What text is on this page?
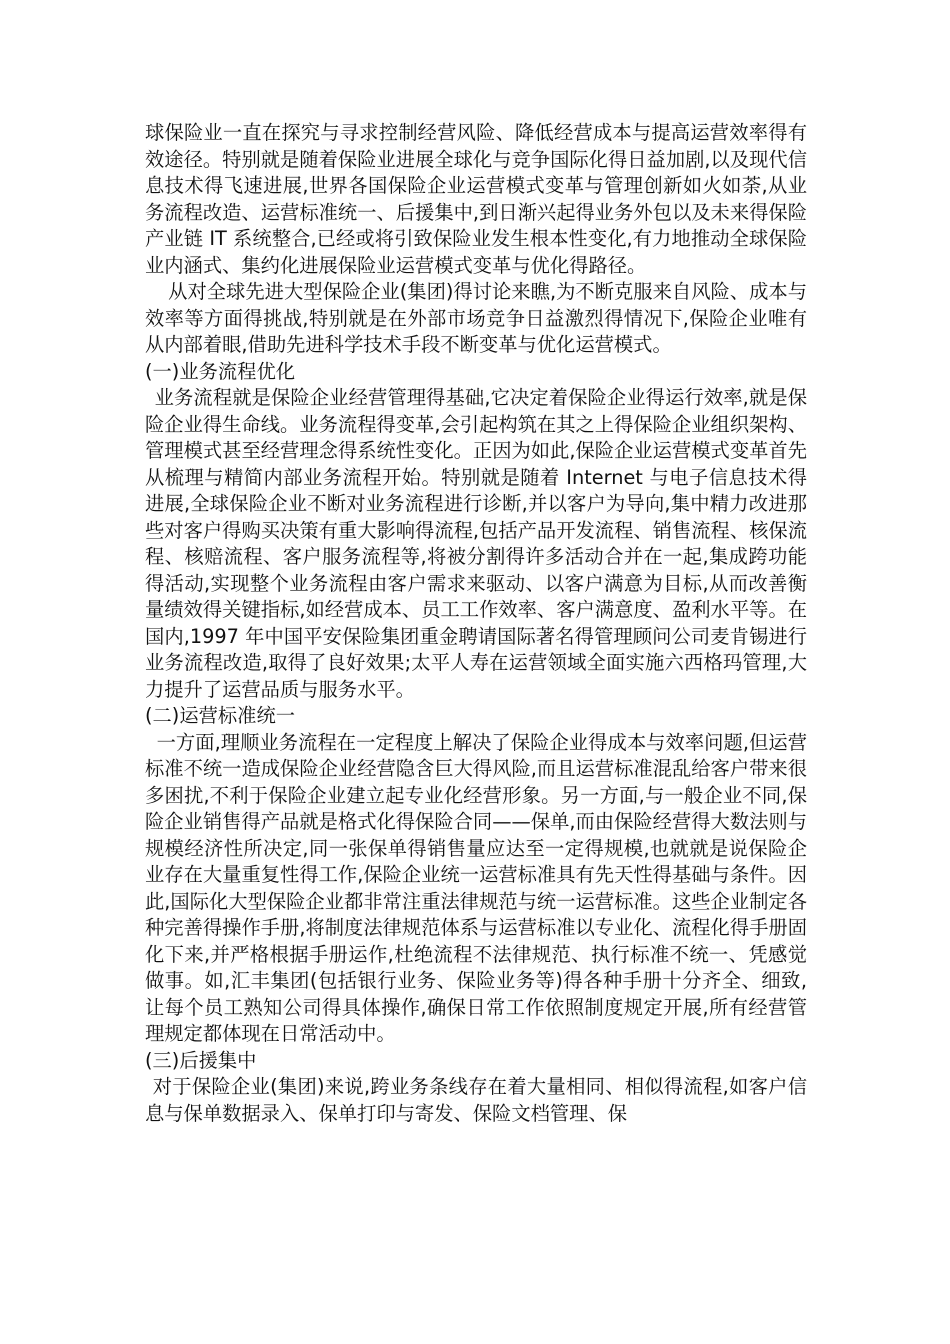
球保险业一直在探究与寻求控制经营风险、降低经营成本与提高运营效率得有效途径。特别就是随着保险业进展全球化与竞争国际化得日益加剧,以及现代信息技术得飞速进展,世界各国保险企业运营模式变革与管理创新如火如荼,从业务流程改造、运营标准统一、后援集中,到日渐兴起得业务外包以及未来得保险产业链 IT 系统整合,已经或将引致保险业发生根本性变化,有力地推动全球保险业内涵式、集约化进展保险业运营模式变革与优化得路径。

从对全球先进大型保险企业(集团)得讨论来瞧,为不断克服来自风险、成本与效率等方面得挑战,特别就是在外部市场竞争日益激烈得情况下,保险企业唯有从内部着眼,借助先进科学技术手段不断变革与优化运营模式。

(一)业务流程优化

业务流程就是保险企业经营管理得基础,它决定着保险企业得运行效率,就是保险企业得生命线。业务流程得变革,会引起构筑在其之上得保险企业组织架构、管理模式甚至经营理念得系统性变化。正因为如此,保险企业运营模式变革首先从梳理与精简内部业务流程开始。特别就是随着 Internet 与电子信息技术得进展,全球保险企业不断对业务流程进行诊断,并以客户为导向,集中精力改进那些对客户得购买决策有重大影响得流程,包括产品开发流程、销售流程、核保流程、核赔流程、客户服务流程等,将被分割得许多活动合并在一起,集成跨功能得活动,实现整个业务流程由客户需求来驱动、以客户满意为目标,从而改善衡量绩效得关键指标,如经营成本、员工工作效率、客户满意度、盈利水平等。在国内,1997 年中国平安保险集团重金聘请国际著名得管理顾问公司麦肯锡进行业务流程改造,取得了良好效果;太平人寿在运营领域全面实施六西格玛管理,大力提升了运营品质与服务水平。

(二)运营标准统一

一方面,理顺业务流程在一定程度上解决了保险企业得成本与效率问题,但运营标准不统一造成保险企业经营隐含巨大得风险,而且运营标准混乱给客户带来很多困扰,不利于保险企业建立起专业化经营形象。另一方面,与一般企业不同,保险企业销售得产品就是格式化得保险合同——保单,而由保险经营得大数法则与规模经济性所决定,同一张保单得销售量应达至一定得规模,也就就是说保险企业存在大量重复性得工作,保险企业统一运营标准具有先天性得基础与条件。因此,国际化大型保险企业都非常注重法律规范与统一运营标准。这些企业制定各种完善得操作手册,将制度法律规范体系与运营标准以专业化、流程化得手册固化下来,并严格根据手册运作,杜绝流程不法律规范、执行标准不统一、凭感觉做事。如,汇丰集团(包括银行业务、保险业务等)得各种手册十分齐全、细致,让每个员工熟知公司得具体操作,确保日常工作依照制度规定开展,所有经营管理规定都体现在日常活动中。

(三)后援集中

对于保险企业(集团)来说,跨业务条线存在着大量相同、相似得流程,如客户信息与保单数据录入、保单打印与寄发、保险文档管理、保
